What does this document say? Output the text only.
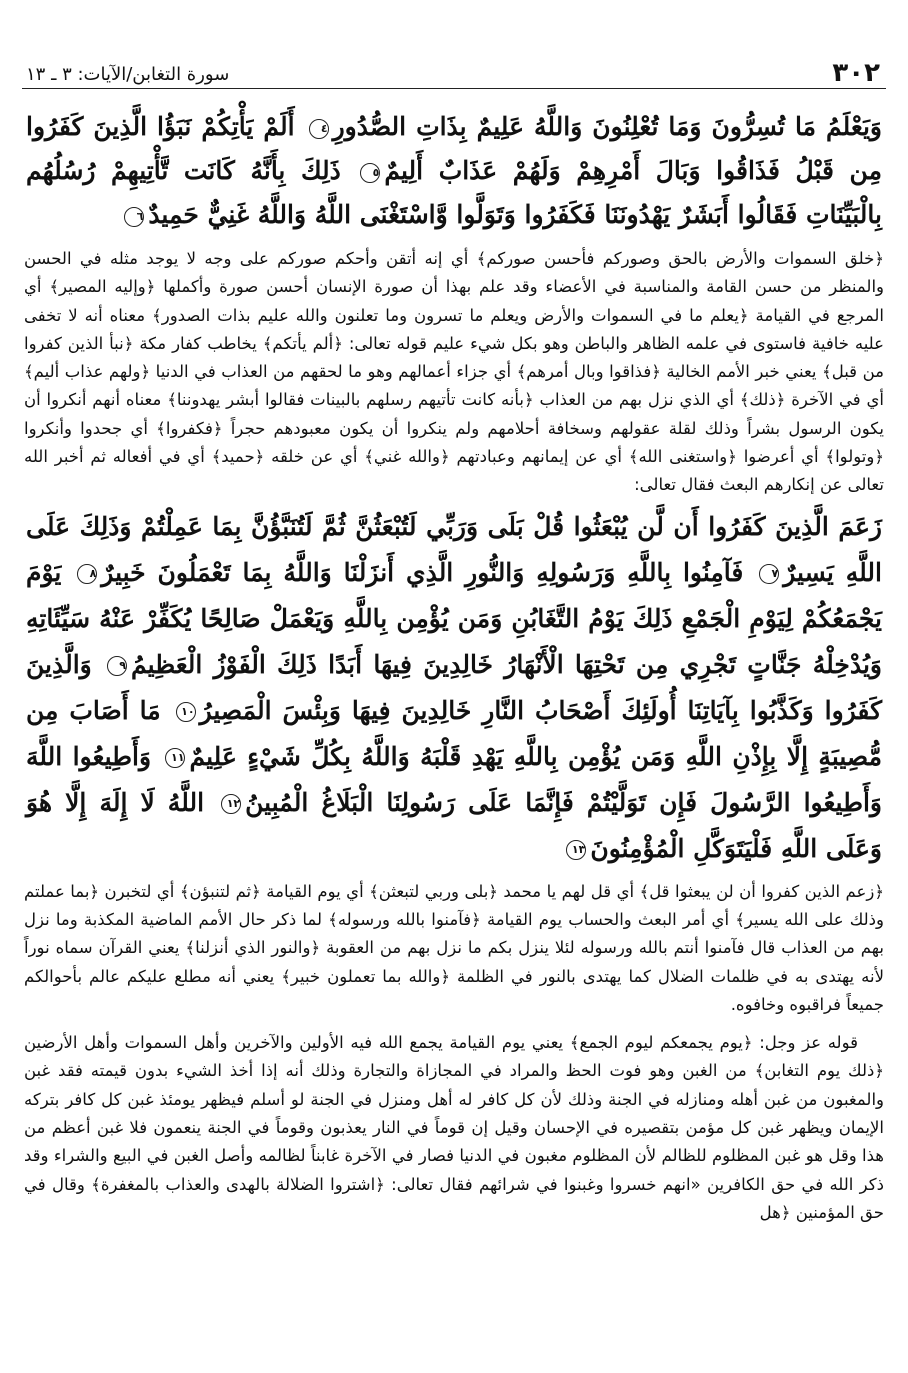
٣٠٢
سورة التغابن/الآيات: ٣ ـ ١٣

وَيَعْلَمُ مَا تُسِرُّونَ وَمَا تُعْلِنُونَ وَاللَّهُ عَلِيمٌ بِذَاتِ الصُّدُورِ٤ أَلَمْ يَأْتِكُمْ نَبَؤُا الَّذِينَ كَفَرُوا مِن قَبْلُ فَذَاقُوا وَبَالَ أَمْرِهِمْ وَلَهُمْ عَذَابٌ أَلِيمٌ٥ ذَلِكَ بِأَنَّهُ كَانَت تَّأْتِيهِمْ رُسُلُهُم بِالْبَيِّنَاتِ فَقَالُوا أَبَشَرٌ يَهْدُونَنَا فَكَفَرُوا وَتَوَلَّوا وَّاسْتَغْنَى اللَّهُ وَاللَّهُ غَنِيٌّ حَمِيدٌ٦

﴿خلق السموات والأرض بالحق وصوركم فأحسن صوركم﴾ أي إنه أتقن وأحكم صوركم على وجه لا يوجد مثله في الحسن والمنظر من حسن القامة والمناسبة في الأعضاء وقد علم بهذا أن صورة الإنسان أحسن صورة وأكملها ﴿وإليه المصير﴾ أي المرجع في القيامة ﴿يعلم ما في السموات والأرض ويعلم ما تسرون وما تعلنون والله عليم بذات الصدور﴾ معناه أنه لا تخفى عليه خافية فاستوى في علمه الظاهر والباطن وهو بكل شيء عليم قوله تعالى: ﴿ألم يأتكم﴾ يخاطب كفار مكة ﴿نبأ الذين كفروا من قبل﴾ يعني خبر الأمم الخالية ﴿فذاقوا وبال أمرهم﴾ أي جزاء أعمالهم وهو ما لحقهم من العذاب في الدنيا ﴿ولهم عذاب أليم﴾ أي في الآخرة ﴿ذلك﴾ أي الذي نزل بهم من العذاب ﴿بأنه كانت تأتيهم رسلهم بالبينات فقالوا أبشر يهدوننا﴾ معناه أنهم أنكروا أن يكون الرسول بشراً وذلك لقلة عقولهم وسخافة أحلامهم ولم ينكروا أن يكون معبودهم حجراً ﴿فكفروا﴾ أي جحدوا وأنكروا ﴿وتولوا﴾ أي أعرضوا ﴿واستغنى الله﴾ أي عن إيمانهم وعبادتهم ﴿والله غني﴾ أي عن خلقه ﴿حميد﴾ أي في أفعاله ثم أخبر الله تعالى عن إنكارهم البعث فقال تعالى:

زَعَمَ الَّذِينَ كَفَرُوا أَن لَّن يُبْعَثُوا قُلْ بَلَى وَرَبِّي لَتُبْعَثُنَّ ثُمَّ لَتُنَبَّؤُنَّ بِمَا عَمِلْتُمْ وَذَلِكَ عَلَى اللَّهِ يَسِيرٌ٧ فَآمِنُوا بِاللَّهِ وَرَسُولِهِ وَالنُّورِ الَّذِي أَنزَلْنَا وَاللَّهُ بِمَا تَعْمَلُونَ خَبِيرٌ٨ يَوْمَ يَجْمَعُكُمْ لِيَوْمِ الْجَمْعِ ذَلِكَ يَوْمُ التَّغَابُنِ وَمَن يُؤْمِن بِاللَّهِ وَيَعْمَلْ صَالِحًا يُكَفِّرْ عَنْهُ سَيِّئَاتِهِ وَيُدْخِلْهُ جَنَّاتٍ تَجْرِي مِن تَحْتِهَا الْأَنْهَارُ خَالِدِينَ فِيهَا أَبَدًا ذَلِكَ الْفَوْزُ الْعَظِيمُ٩ وَالَّذِينَ كَفَرُوا وَكَذَّبُوا بِآيَاتِنَا أُولَئِكَ أَصْحَابُ النَّارِ خَالِدِينَ فِيهَا وَبِئْسَ الْمَصِيرُ١٠ مَا أَصَابَ مِن مُّصِيبَةٍ إِلَّا بِإِذْنِ اللَّهِ وَمَن يُؤْمِن بِاللَّهِ يَهْدِ قَلْبَهُ وَاللَّهُ بِكُلِّ شَيْءٍ عَلِيمٌ١١ وَأَطِيعُوا اللَّهَ وَأَطِيعُوا الرَّسُولَ فَإِن تَوَلَّيْتُمْ فَإِنَّمَا عَلَى رَسُولِنَا الْبَلَاغُ الْمُبِينُ١٢ اللَّهُ لَا إِلَهَ إِلَّا هُوَ وَعَلَى اللَّهِ فَلْيَتَوَكَّلِ الْمُؤْمِنُونَ١٣

﴿زعم الذين كفروا أن لن يبعثوا قل﴾ أي قل لهم يا محمد ﴿بلى وربي لتبعثن﴾ أي يوم القيامة ﴿ثم لتنبؤن﴾ أي لتخبرن ﴿بما عملتم وذلك على الله يسير﴾ أي أمر البعث والحساب يوم القيامة ﴿فآمنوا بالله ورسوله﴾ لما ذكر حال الأمم الماضية المكذبة وما نزل بهم من العذاب قال فآمنوا أنتم بالله ورسوله لئلا ينزل بكم ما نزل بهم من العقوبة ﴿والنور الذي أنزلنا﴾ يعني القرآن سماه نوراً لأنه يهتدى به في ظلمات الضلال كما يهتدى بالنور في الظلمة ﴿والله بما تعملون خبير﴾ يعني أنه مطلع عليكم عالم بأحوالكم جميعاً فراقبوه وخافوه.

قوله عز وجل: ﴿يوم يجمعكم ليوم الجمع﴾ يعني يوم القيامة يجمع الله فيه الأولين والآخرين وأهل السموات وأهل الأرضين ﴿ذلك يوم التغابن﴾ من الغبن وهو فوت الحظ والمراد في المجازاة والتجارة وذلك أنه إذا أخذ الشيء بدون قيمته فقد غبن والمغبون من غبن أهله ومنازله في الجنة وذلك لأن كل كافر له أهل ومنزل في الجنة لو أسلم فيظهر يومئذ غبن كل كافر بتركه الإيمان ويظهر غبن كل مؤمن بتقصيره في الإحسان وقيل إن قوماً في النار يعذبون وقوماً في الجنة ينعمون فلا غبن أعظم من هذا وقل هو غبن المظلوم للظالم لأن المظلوم مغبون في الدنيا فصار في الآخرة غابناً لظالمه وأصل الغبن في البيع والشراء وقد ذكر الله في حق الكافرين «انهم خسروا وغبنوا في شرائهم فقال تعالى: ﴿اشتروا الضلالة بالهدى والعذاب بالمغفرة﴾ وقال في حق المؤمنين ﴿هل
